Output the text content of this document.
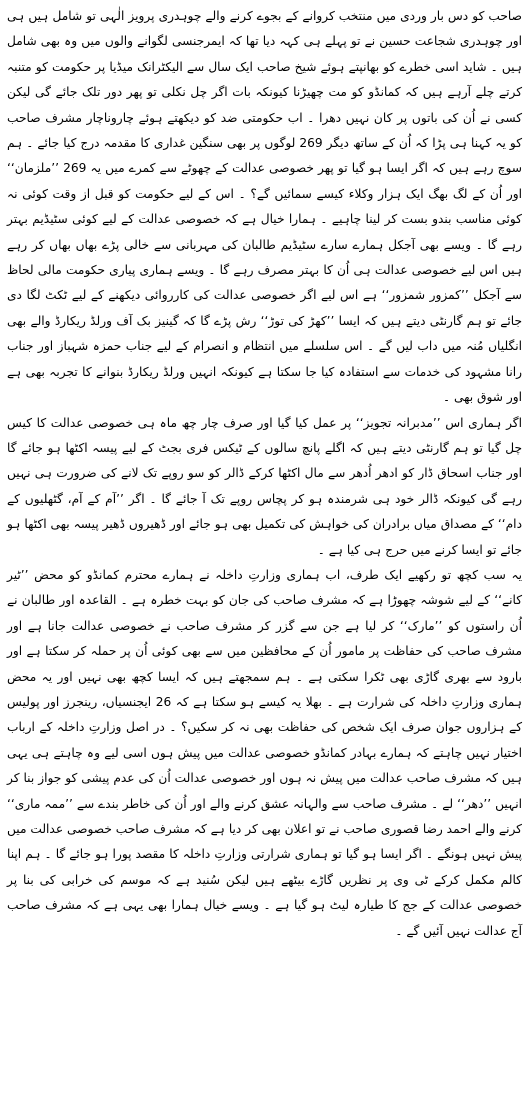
صاحب کو دس بار وردی میں منتخب کروانے کے بجوے کرنے والے چوہدری پرویز الٰہی تو شامل ہیں ہی اور چوہدری شجاعت حسین نے تو پہلے ہی کہہ دیا تھا کہ ایمرجنسی لگوانے والوں میں وہ بھی شامل ہیں ۔ شاید اسی خطرے کو بھانپتے ہوئے شیخ صاحب ایک سال سے الیکٹرانک میڈیا پر حکومت کو متنبہ کرتے چلے آرہے ہیں کہ کمانڈو کو مت چھیڑنا کیونکہ بات اگر چل نکلی تو پھر دور تلک جائے گی لیکن کسی نے اُن کی باتوں پر کان نہیں دھرا ۔ اب حکومتی ضد کو دیکھتے ہوئے چاروناچار مشرف صاحب کو یہ کہنا ہی پڑا کہ اُن کے ساتھ دیگر 269 لوگوں پر بھی سنگین غداری کا مقدمہ درج کیا جائے ۔ ہم سوچ رہے ہیں کہ اگر ایسا ہو گیا تو پھر خصوصی عدالت کے چھوٹے سے کمرے میں یہ 269 ’’ملزمان‘‘ اور اُن کے لگ بھگ ایک ہزار وکلاء کیسے سمائیں گے؟ ۔ اس کے لیے حکومت کو قبل از وقت کوئی نہ کوئی مناسب بندو بست کر لینا چاہیے ۔ ہمارا خیال ہے کہ خصوصی عدالت کے لیے کوئی سٹیڈیم بہتر رہے گا ۔ ویسے بھی آجکل ہمارے سارے سٹیڈیم طالبان کی مہربانی سے خالی پڑے بھاں بھاں کر رہے ہیں اس لیے خصوصی عدالت ہی اُن کا بہتر مصرف رہے گا ۔ ویسے ہماری پیاری حکومت مالی لحاظ سے آجکل ’’کمزور شمزور‘‘ ہے اس لیے اگر خصوصی عدالت کی کارروائی دیکھنے کے لیے ٹکٹ لگا دی جائے تو ہم گارنٹی دیتے ہیں کہ ایسا ’’کھڑ کی توڑ‘‘ رش پڑے گا کہ گینیز بک آف ورلڈ ریکارڈ والے بھی انگلیاں مُنہ میں داب لیں گے ۔ اس سلسلے میں انتظام و انصرام کے لیے جناب حمزہ شہباز اور جناب رانا مشہود کی خدمات سے استفادہ کیا جا سکتا ہے کیونکہ انہیں ورلڈ ریکارڈ بنوانے کا تجربہ بھی ہے اور شوق بھی ۔

اگر ہماری اس ’’مدبرانہ تجویز‘‘ پر عمل کیا گیا اور صرف چار چھ ماہ ہی خصوصی عدالت کا کیس چل گیا تو ہم گارنٹی دیتے ہیں کہ اگلے پانچ سالوں کے ٹیکس فری بجٹ کے لیے پیسہ اکٹھا ہو جائے گا اور جناب اسحاق ڈار کو ادھر اُدھر سے مال اکٹھا کرکے ڈالر کو سو روپے تک لانے کی ضرورت ہی نہیں رہے گی کیونکہ ڈالر خود ہی شرمندہ ہو کر پچاس روپے تک آ جائے گا ۔ اگر ’’آم کے آم، گٹھلیوں کے دام‘‘ کے مصداق میاں برادران کی خواہش کی تکمیل بھی ہو جائے اور ڈھیروں ڈھیر پیسہ بھی اکٹھا ہو جائے تو ایسا کرنے میں حرج ہی کیا ہے ۔

یہ سب کچھ تو رکھیے ایک طرف، اب ہماری وزارتِ داخلہ نے ہمارے محترم کمانڈو کو محض ’’ٹیر کانے‘‘ کے لیے شوشہ چھوڑا ہے کہ مشرف صاحب کی جان کو بہت خطرہ ہے ۔ القاعدہ اور طالبان نے اُن راستوں کو ’’مارک‘‘ کر لیا ہے جن سے گزر کر مشرف صاحب نے خصوصی عدالت جانا ہے اور مشرف صاحب کی حفاظت پر مامور اُن کے محافظین میں سے بھی کوئی اُن پر حملہ کر سکتا ہے اور بارود سے بھری گاڑی بھی ٹکرا سکتی ہے ۔ ہم سمجھتے ہیں کہ ایسا کچھ بھی نہیں اور یہ محض ہماری وزارتِ داخلہ کی شرارت ہے ۔ بھلا یہ کیسے ہو سکتا ہے کہ 26 ایجنسیاں، رینجرز اور پولیس کے ہزاروں جوان صرف ایک شخص کی حفاظت بھی نہ کر سکیں؟ ۔ در اصل وزارتِ داخلہ کے ارباب اختیار نہیں چاہتے کہ ہمارے بہادر کمانڈو خصوصی عدالت میں پیش ہوں اسی لیے وہ چاہتے ہی یہی ہیں کہ مشرف صاحب عدالت میں پیش نہ ہوں اور خصوصی عدالت اُن کی عدم پیشی کو جواز بنا کر انہیں ’’دھر‘‘ لے ۔ مشرف صاحب سے والہانہ عشق کرنے والے اور اُن کی خاطر بندے سے ’’ممہ ماری‘‘ کرنے والے احمد رضا قصوری صاحب نے تو اعلان بھی کر دیا ہے کہ مشرف صاحب خصوصی عدالت میں پیش نہیں ہونگے ۔ اگر ایسا ہو گیا تو ہماری شرارتی وزارتِ داخلہ کا مقصد پورا ہو جائے گا ۔ ہم اپنا کالم مکمل کرکے ٹی وی پر نظریں گاڑے بیٹھے ہیں لیکن سُنید ہے کہ موسم کی خرابی کی بنا پر خصوصی عدالت کے جج کا طیارہ لیٹ ہو گیا ہے ۔ ویسے خیال ہمارا بھی یہی ہے کہ مشرف صاحب آج عدالت نہیں آئیں گے ۔
